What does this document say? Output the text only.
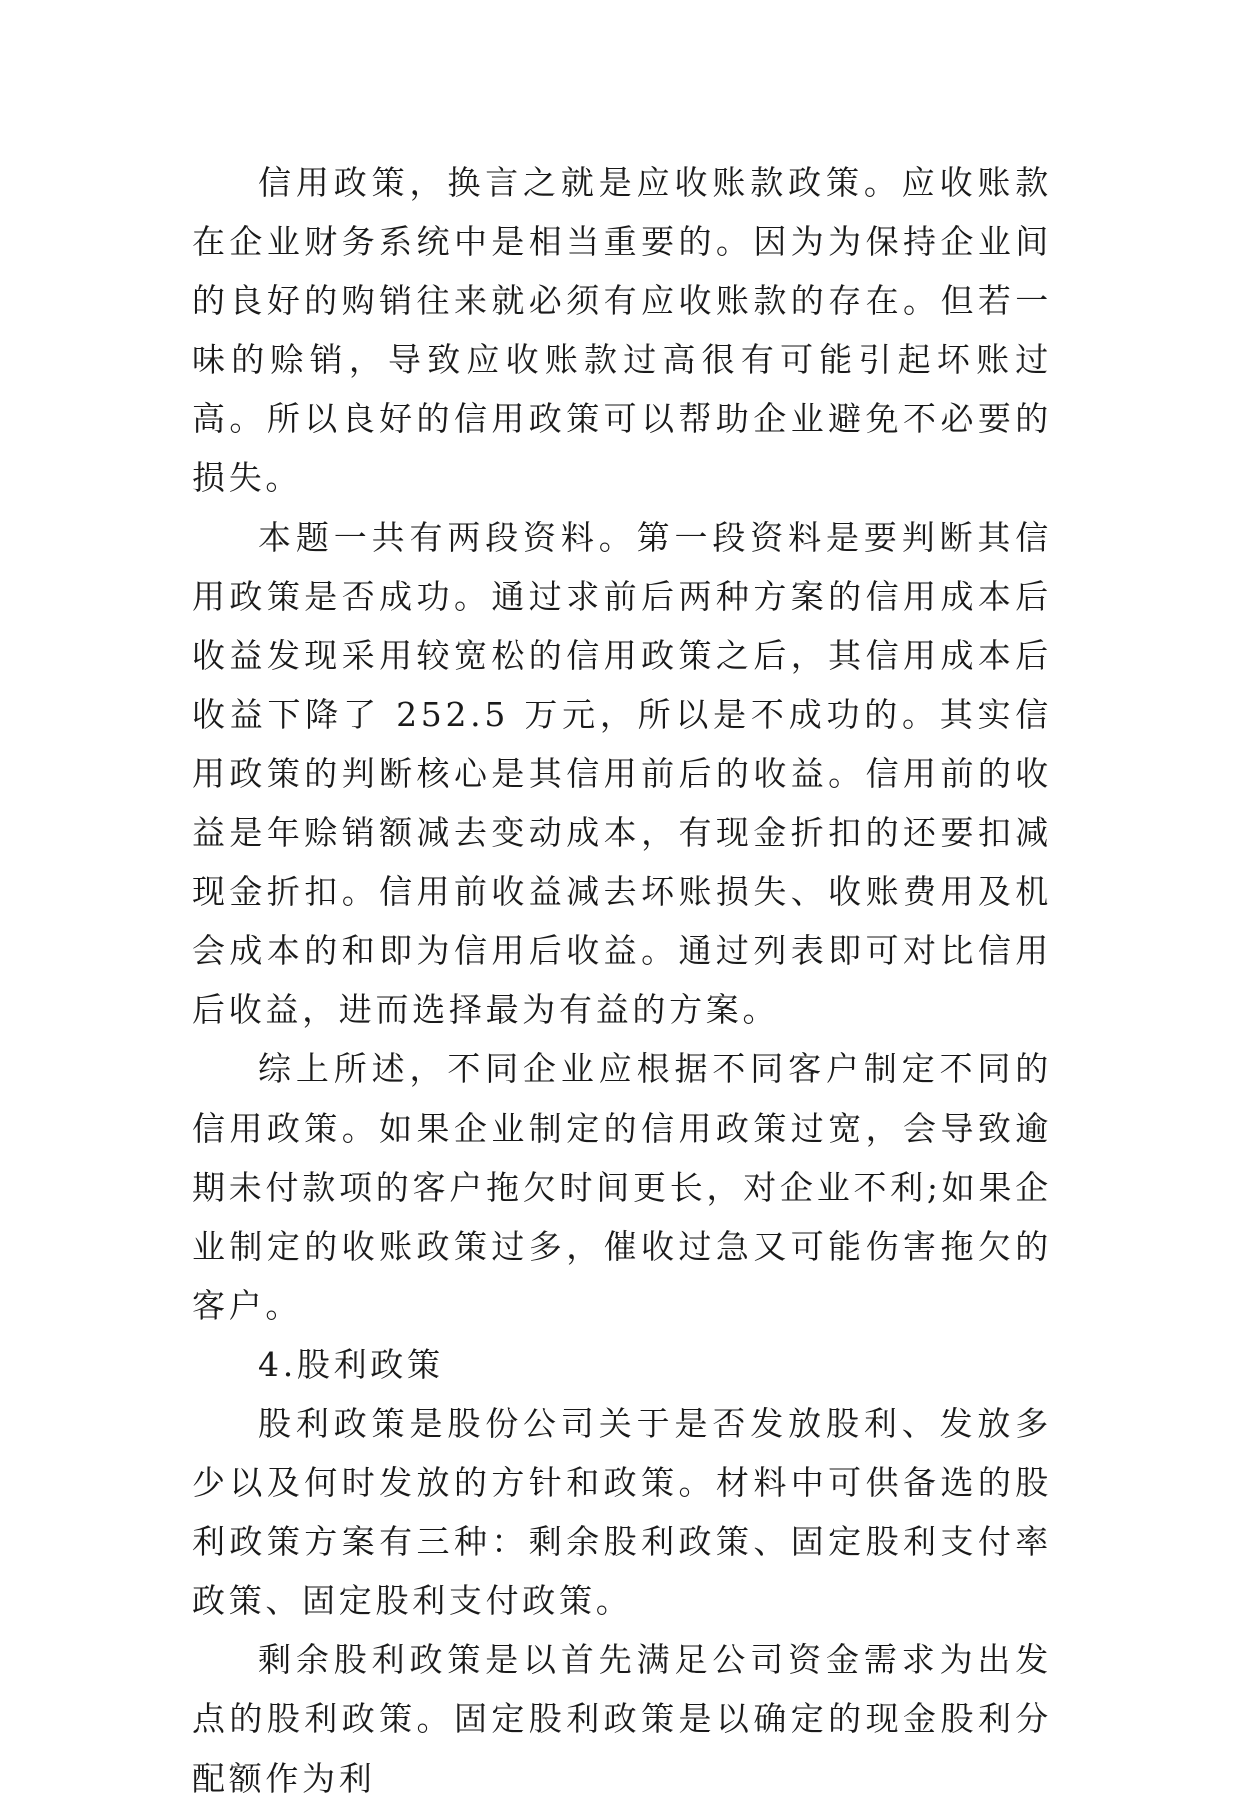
信用政策，换言之就是应收账款政策。应收账款在企业财务系统中是相当重要的。因为为保持企业间的良好的购销往来就必须有应收账款的存在。但若一味的赊销，导致应收账款过高很有可能引起坏账过高。所以良好的信用政策可以帮助企业避免不必要的损失。

本题一共有两段资料。第一段资料是要判断其信用政策是否成功。通过求前后两种方案的信用成本后收益发现采用较宽松的信用政策之后，其信用成本后收益下降了 252.5 万元，所以是不成功的。其实信用政策的判断核心是其信用前后的收益。信用前的收益是年赊销额减去变动成本，有现金折扣的还要扣减现金折扣。信用前收益减去坏账损失、收账费用及机会成本的和即为信用后收益。通过列表即可对比信用后收益，进而选择最为有益的方案。

综上所述，不同企业应根据不同客户制定不同的信用政策。如果企业制定的信用政策过宽，会导致逾期未付款项的客户拖欠时间更长，对企业不利;如果企业制定的收账政策过多，催收过急又可能伤害拖欠的客户。

4.股利政策

股利政策是股份公司关于是否发放股利、发放多少以及何时发放的方针和政策。材料中可供备选的股利政策方案有三种：剩余股利政策、固定股利支付率政策、固定股利支付政策。

剩余股利政策是以首先满足公司资金需求为出发点的股利政策。固定股利政策是以确定的现金股利分配额作为利
